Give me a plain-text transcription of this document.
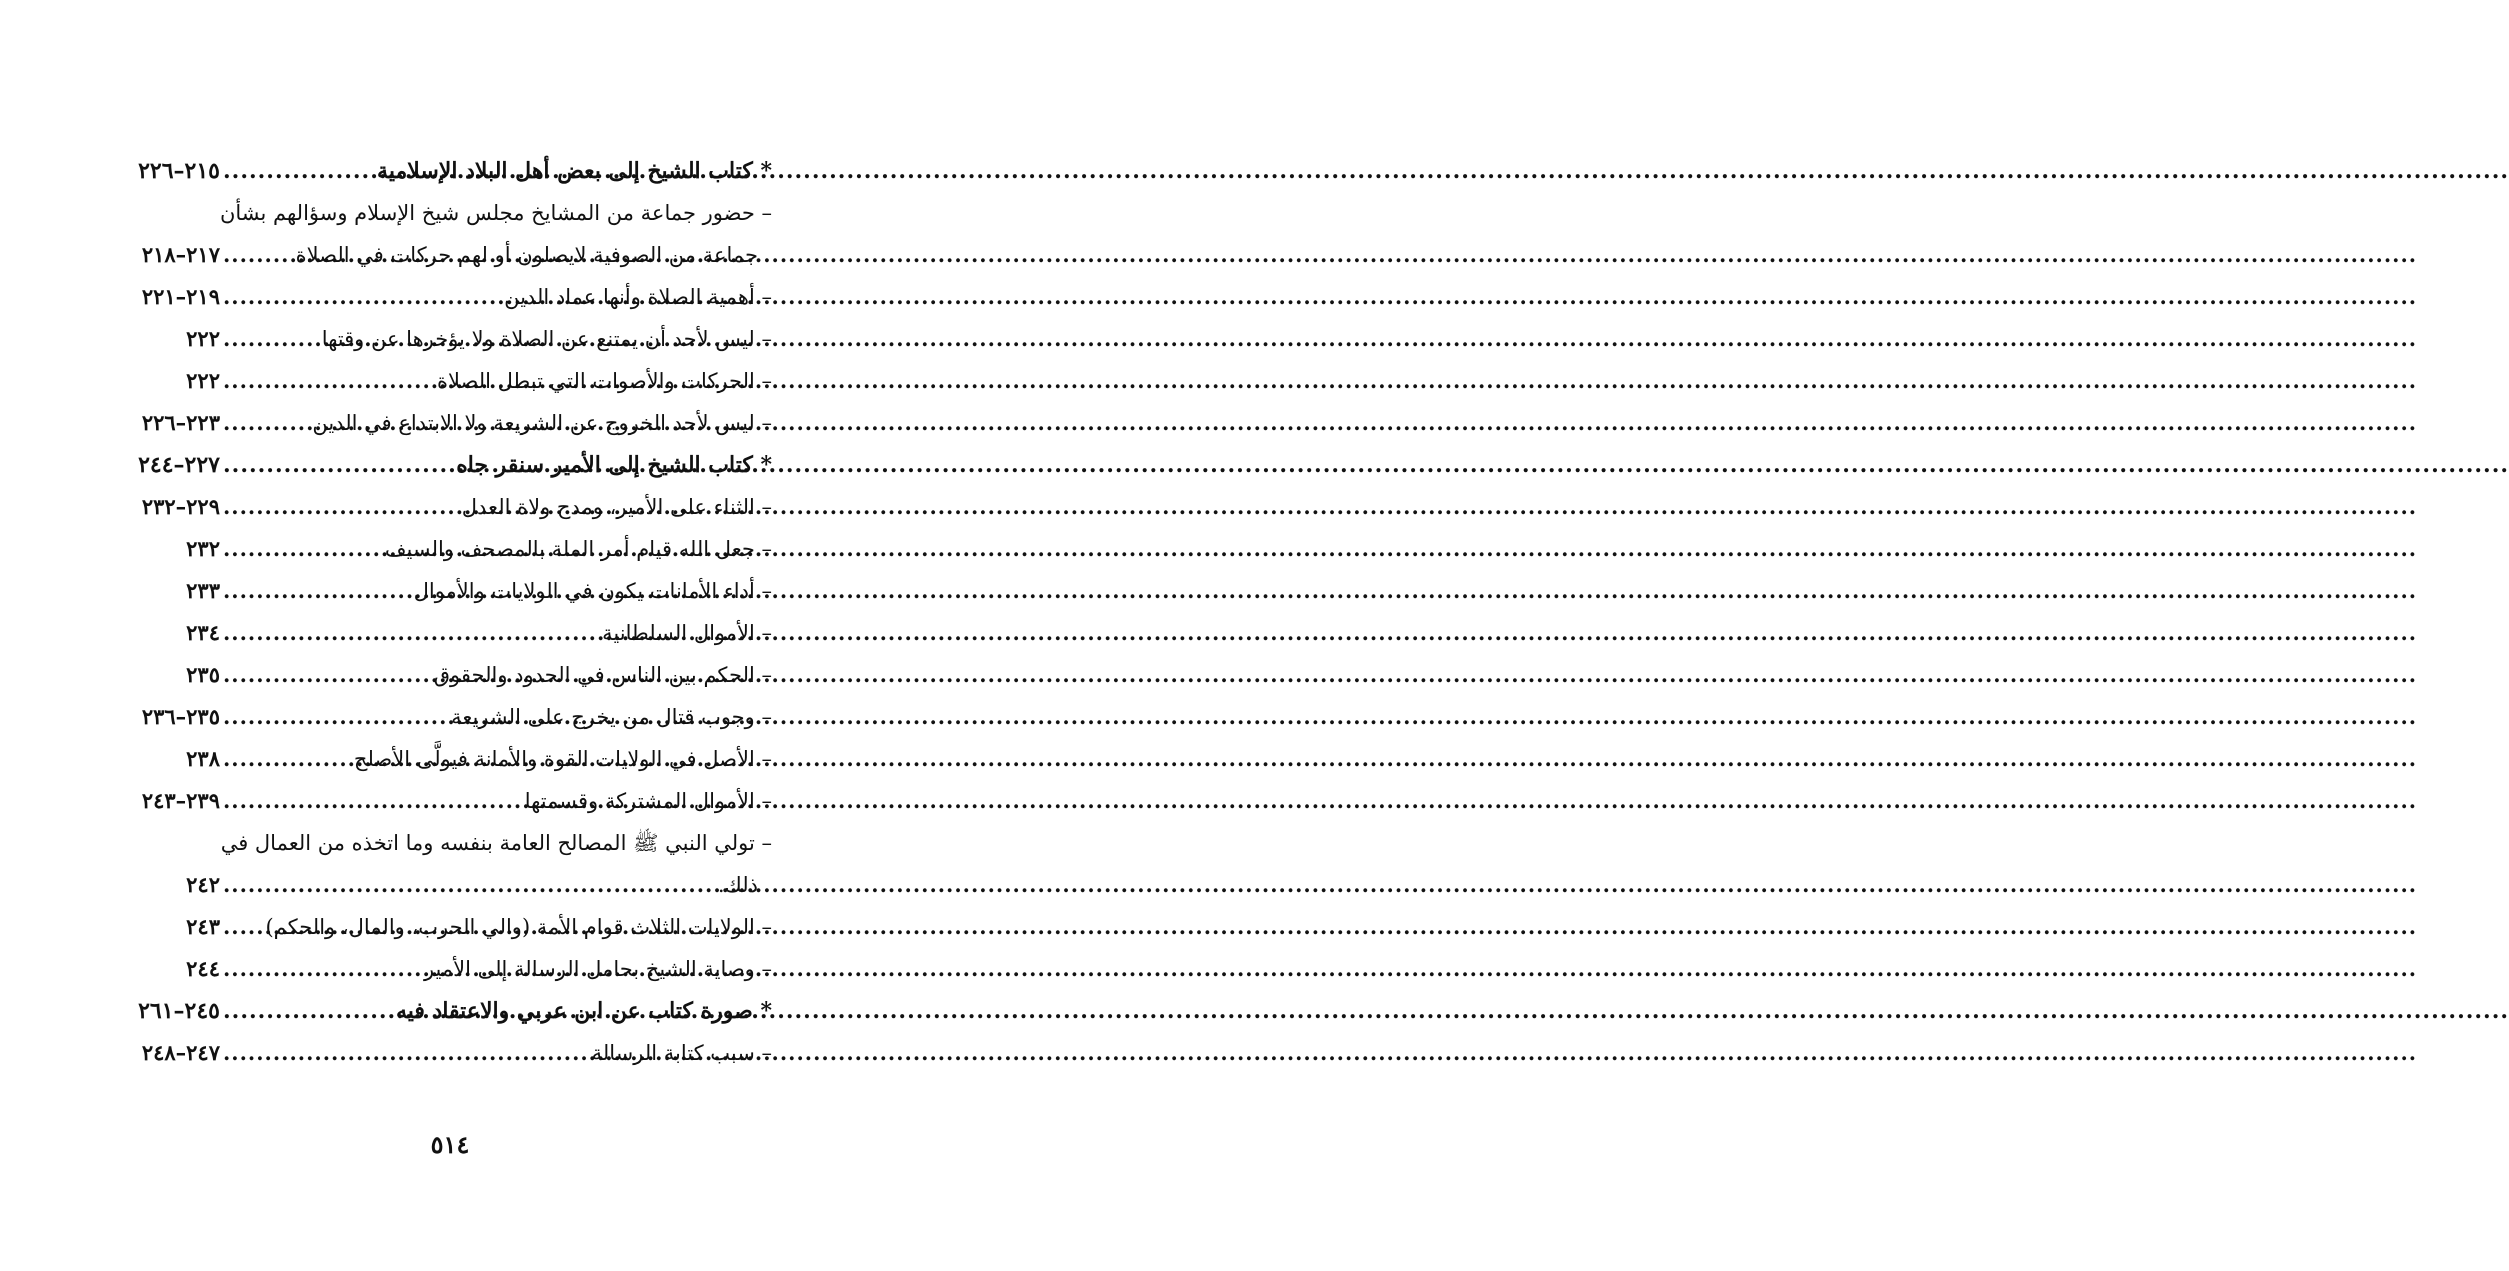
* كتاب الشيخ إلى بعض أهل البلاد الإسلامية
.....
٢١٥–٢٢٦
– حضور جماعة من المشايخ مجلس شيخ الإسلام وسؤالهم بشأن
جماعة من الصوفية لايصلون أو لهم حركات في الصلاة
.....
٢١٧–٢١٨
– أهمية الصلاة وأنها عماد الدين
.....
٢١٩–٢٢١
– ليس لأحد أن يمتنع عن الصلاة ولا يؤخرها عن وقتها
.....
٢٢٢
– الحركات والأصوات التي تبطل الصلاة
.....
٢٢٢
– ليس لأحد الخروج عن الشريعة ولا الابتداع في الدين
.....
٢٢٣–٢٢٦
* كتاب الشيخ إلى الأمير سنقر جاه
.....
٢٢٧–٢٤٤
– الثناء على الأمير، ومدح ولاة العدل
.....
٢٢٩–٢٣٢
– جعل الله قيام أمر الملة بالمصحف والسيف
.....
٢٣٢
– أداء الأمانات يكون في الولايات والأموال
.....
٢٣٣
– الأموال السلطانية
.....
٢٣٤
– الحكم بين الناس في الحدود والحقوق
.....
٢٣٥
– وجوب قتال من يخرج على الشريعة
.....
٢٣٥–٢٣٦
– الأصل في الولايات القوة والأمانة فيولَّى الأصلح
.....
٢٣٨
– الأموال المشتركة وقسمتها
.....
٢٣٩–٢٤٣
– تولي النبي ﷺ المصالح العامة بنفسه وما اتخذه من العمال في
ذلك.
.....
٢٤٢
– الولايات الثلاث قوام الأمة (والي الحرب، والمال، والحكم)
.....
٢٤٣
– وصاية الشيخ بحامل الرسالة إلى الأمير
.....
٢٤٤
* صورة كتاب عن ابن عربي والاعتقاد فيه
.....
٢٤٥–٢٦١
– سبب كتابة الرسالة
.....
٢٤٧–٢٤٨
٥١٤
